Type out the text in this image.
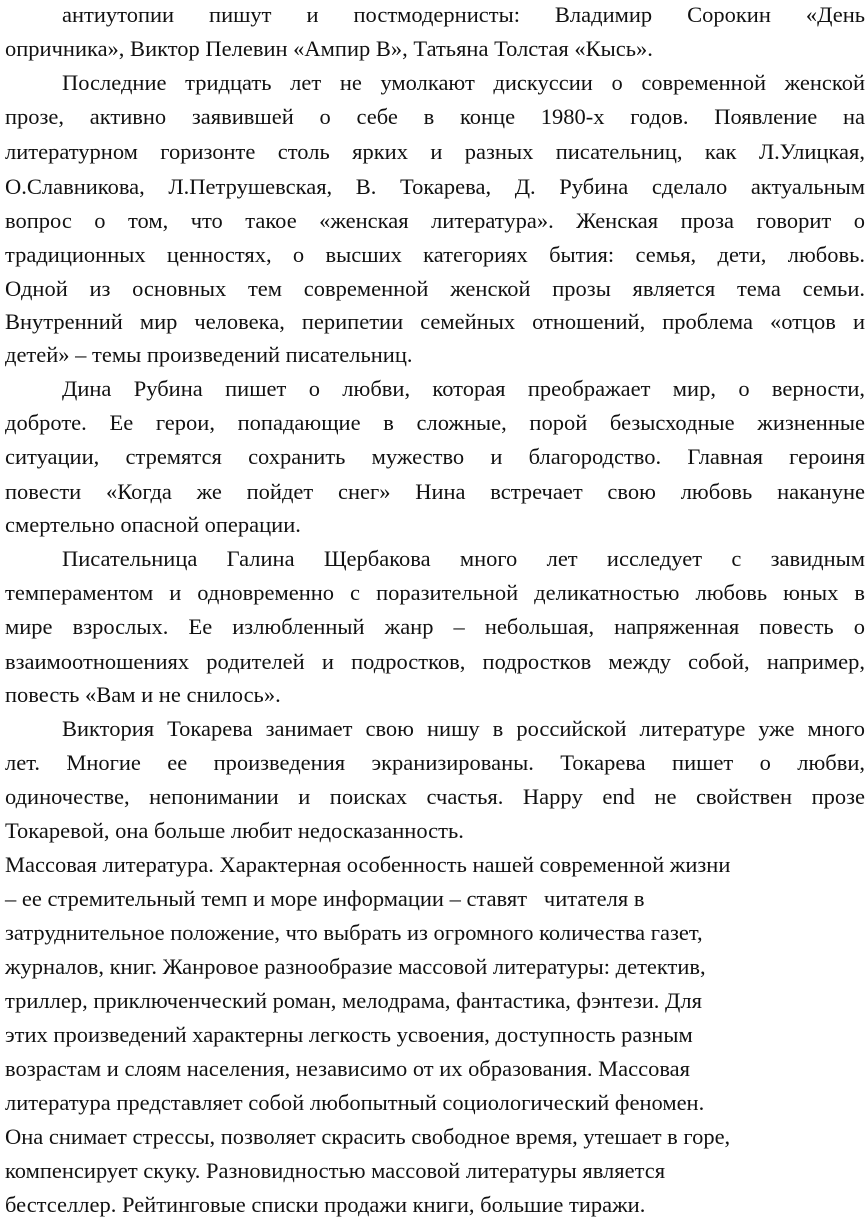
антиутопии пишут и постмодернисты: Владимир Сорокин «День
опричника», Виктор Пелевин «Ампир В», Татьяна Толстая «Кысь».
Последние тридцать лет не умолкают дискуссии о современной женской
прозе, активно заявившей о себе в конце 1980-х годов. Появление на
литературном горизонте столь ярких и разных писательниц, как Л.Улицкая,
О.Славникова, Л.Петрушевская, В. Токарева, Д. Рубина сделало актуальным
вопрос о том, что такое «женская литература». Женская проза говорит о
традиционных ценностях, о высших категориях бытия: семья, дети, любовь.
Одной из основных тем современной женской прозы является тема семьи.
Внутренний мир человека, перипетии семейных отношений, проблема «отцов и
детей» – темы произведений писательниц.
Дина Рубина пишет о любви, которая преображает мир, о верности,
доброте. Ее герои, попадающие в сложные, порой безысходные жизненные
ситуации, стремятся сохранить мужество и благородство. Главная героиня
повести «Когда же пойдет снег» Нина встречает свою любовь накануне
смертельно опасной операции.
Писательница Галина Щербакова много лет исследует с завидным
темпераментом и одновременно с поразительной деликатностью любовь юных в
мире взрослых. Ее излюбленный жанр – небольшая, напряженная повесть о
взаимоотношениях родителей и подростков, подростков между собой, например,
повесть «Вам и не снилось».
Виктория Токарева занимает свою нишу в российской литературе уже много
лет. Многие ее произведения экранизированы. Токарева пишет о любви,
одиночестве, непонимании и поисках счастья. Happy end не свойствен прозе
Токаревой, она больше любит недосказанность.
Массовая литература. Характерная особенность нашей современной жизни
– ее стремительный темп и море информации – ставят   читателя в
затруднительное положение, что выбрать из огромного количества газет,
журналов, книг. Жанровое разнообразие массовой литературы: детектив,
триллер, приключенческий роман, мелодрама, фантастика, фэнтези. Для
этих произведений характерны легкость усвоения, доступность разным
возрастам и слоям населения, независимо от их образования. Массовая
литература представляет собой любопытный социологический феномен.
Она снимает стрессы, позволяет скрасить свободное время, утешает в горе,
компенсирует скуку. Разновидностью массовой литературы является
бестселлер. Рейтинговые списки продажи книги, большие тиражи.
